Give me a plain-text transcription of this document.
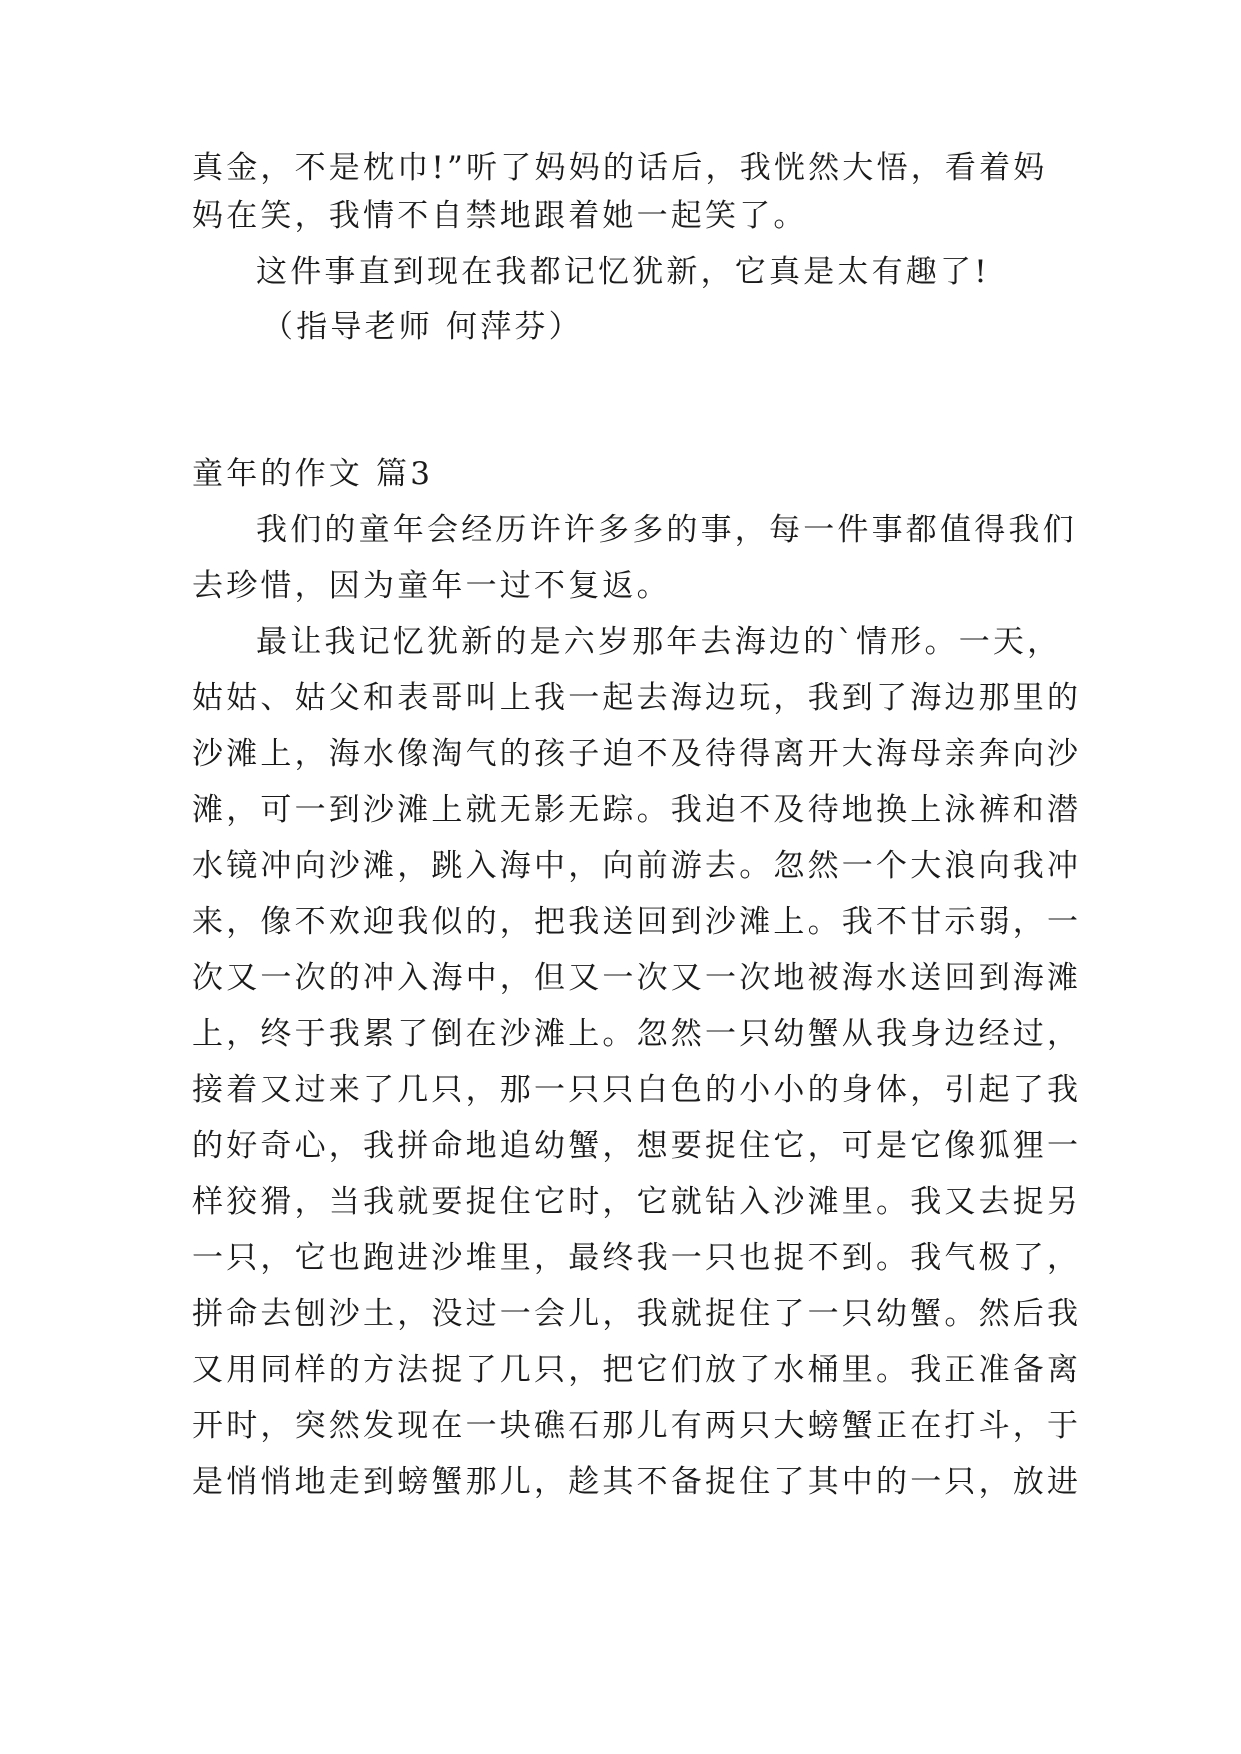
真金，不是枕巾!”听了妈妈的话后，我恍然大悟，看着妈
妈在笑，我情不自禁地跟着她一起笑了。
这件事直到现在我都记忆犹新，它真是太有趣了!
（指导老师 何萍芬）
童年的作文 篇3
我们的童年会经历许许多多的事，每一件事都值得我们
去珍惜，因为童年一过不复返。
最让我记忆犹新的是六岁那年去海边的`情形。一天，
姑姑、姑父和表哥叫上我一起去海边玩，我到了海边那里的
沙滩上，海水像淘气的孩子迫不及待得离开大海母亲奔向沙
滩，可一到沙滩上就无影无踪。我迫不及待地换上泳裤和潜
水镜冲向沙滩，跳入海中，向前游去。忽然一个大浪向我冲
来，像不欢迎我似的，把我送回到沙滩上。我不甘示弱，一
次又一次的冲入海中，但又一次又一次地被海水送回到海滩
上，终于我累了倒在沙滩上。忽然一只幼蟹从我身边经过，
接着又过来了几只，那一只只白色的小小的身体，引起了我
的好奇心，我拼命地追幼蟹，想要捉住它，可是它像狐狸一
样狡猾，当我就要捉住它时，它就钻入沙滩里。我又去捉另
一只，它也跑进沙堆里，最终我一只也捉不到。我气极了，
拼命去刨沙土，没过一会儿，我就捉住了一只幼蟹。然后我
又用同样的方法捉了几只，把它们放了水桶里。我正准备离
开时，突然发现在一块礁石那儿有两只大螃蟹正在打斗，于
是悄悄地走到螃蟹那儿，趁其不备捉住了其中的一只，放进
